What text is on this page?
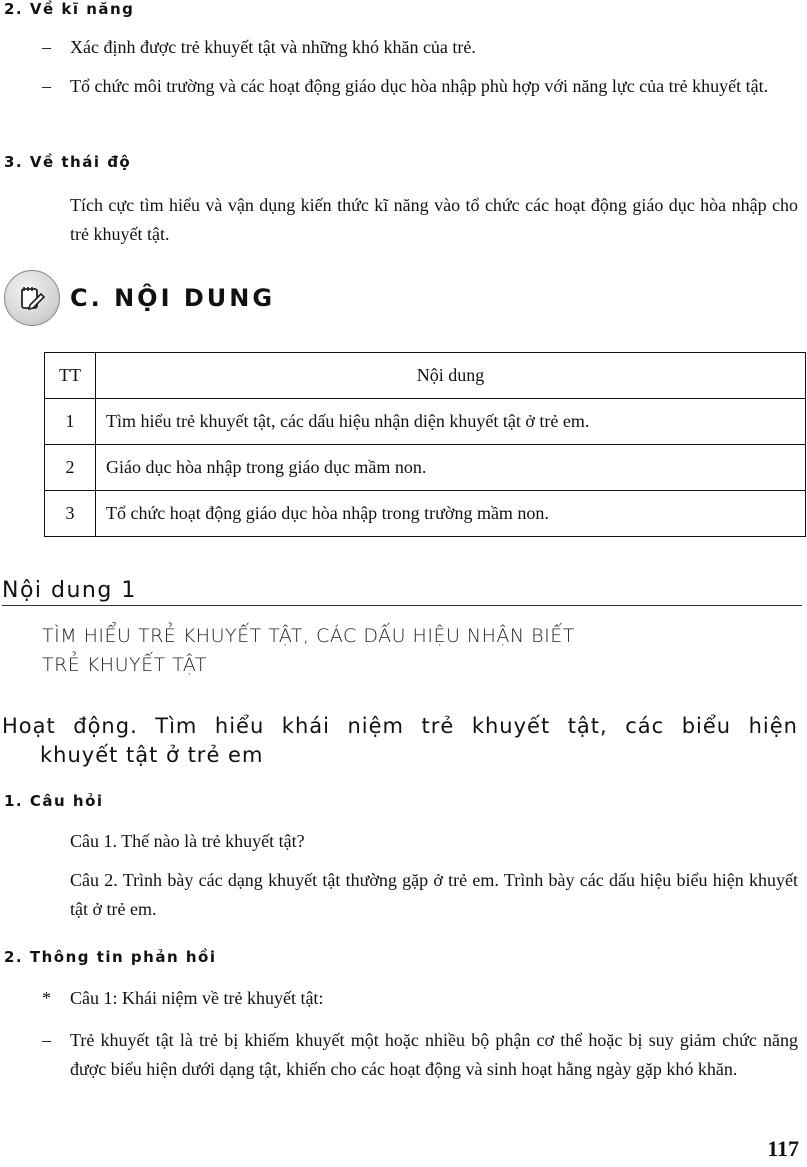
2. Về kĩ năng
– Xác định được trẻ khuyết tật và những khó khăn của trẻ.
– Tổ chức môi trường và các hoạt động giáo dục hòa nhập phù hợp với năng lực của trẻ khuyết tật.
3. Về thái độ
Tích cực tìm hiểu và vận dụng kiến thức kĩ năng vào tổ chức các hoạt động giáo dục hòa nhập cho trẻ khuyết tật.
C. NỘI DUNG
TT	Nội dung
1	Tìm hiểu trẻ khuyết tật, các dấu hiệu nhận diện khuyết tật ở trẻ em.
2	Giáo dục hòa nhập trong giáo dục mầm non.
3	Tổ chức hoạt động giáo dục hòa nhập trong trường mầm non.
Nội dung 1
TÌM HIỂU TRẺ KHUYẾT TẬT, CÁC DẤU HIỆU NHẬN BIẾT
TRẺ KHUYẾT TẬT
Hoạt động. Tìm hiểu khái niệm trẻ khuyết tật, các biểu hiện
khuyết tật ở trẻ em
1. Câu hỏi
Câu 1. Thế nào là trẻ khuyết tật?
Câu 2. Trình bày các dạng khuyết tật thường gặp ở trẻ em. Trình bày các dấu hiệu biểu hiện khuyết tật ở trẻ em.
2. Thông tin phản hồi
* Câu 1: Khái niệm về trẻ khuyết tật:
– Trẻ khuyết tật là trẻ bị khiếm khuyết một hoặc nhiều bộ phận cơ thể hoặc bị suy giảm chức năng được biểu hiện dưới dạng tật, khiến cho các hoạt động và sinh hoạt hằng ngày gặp khó khăn.
117
